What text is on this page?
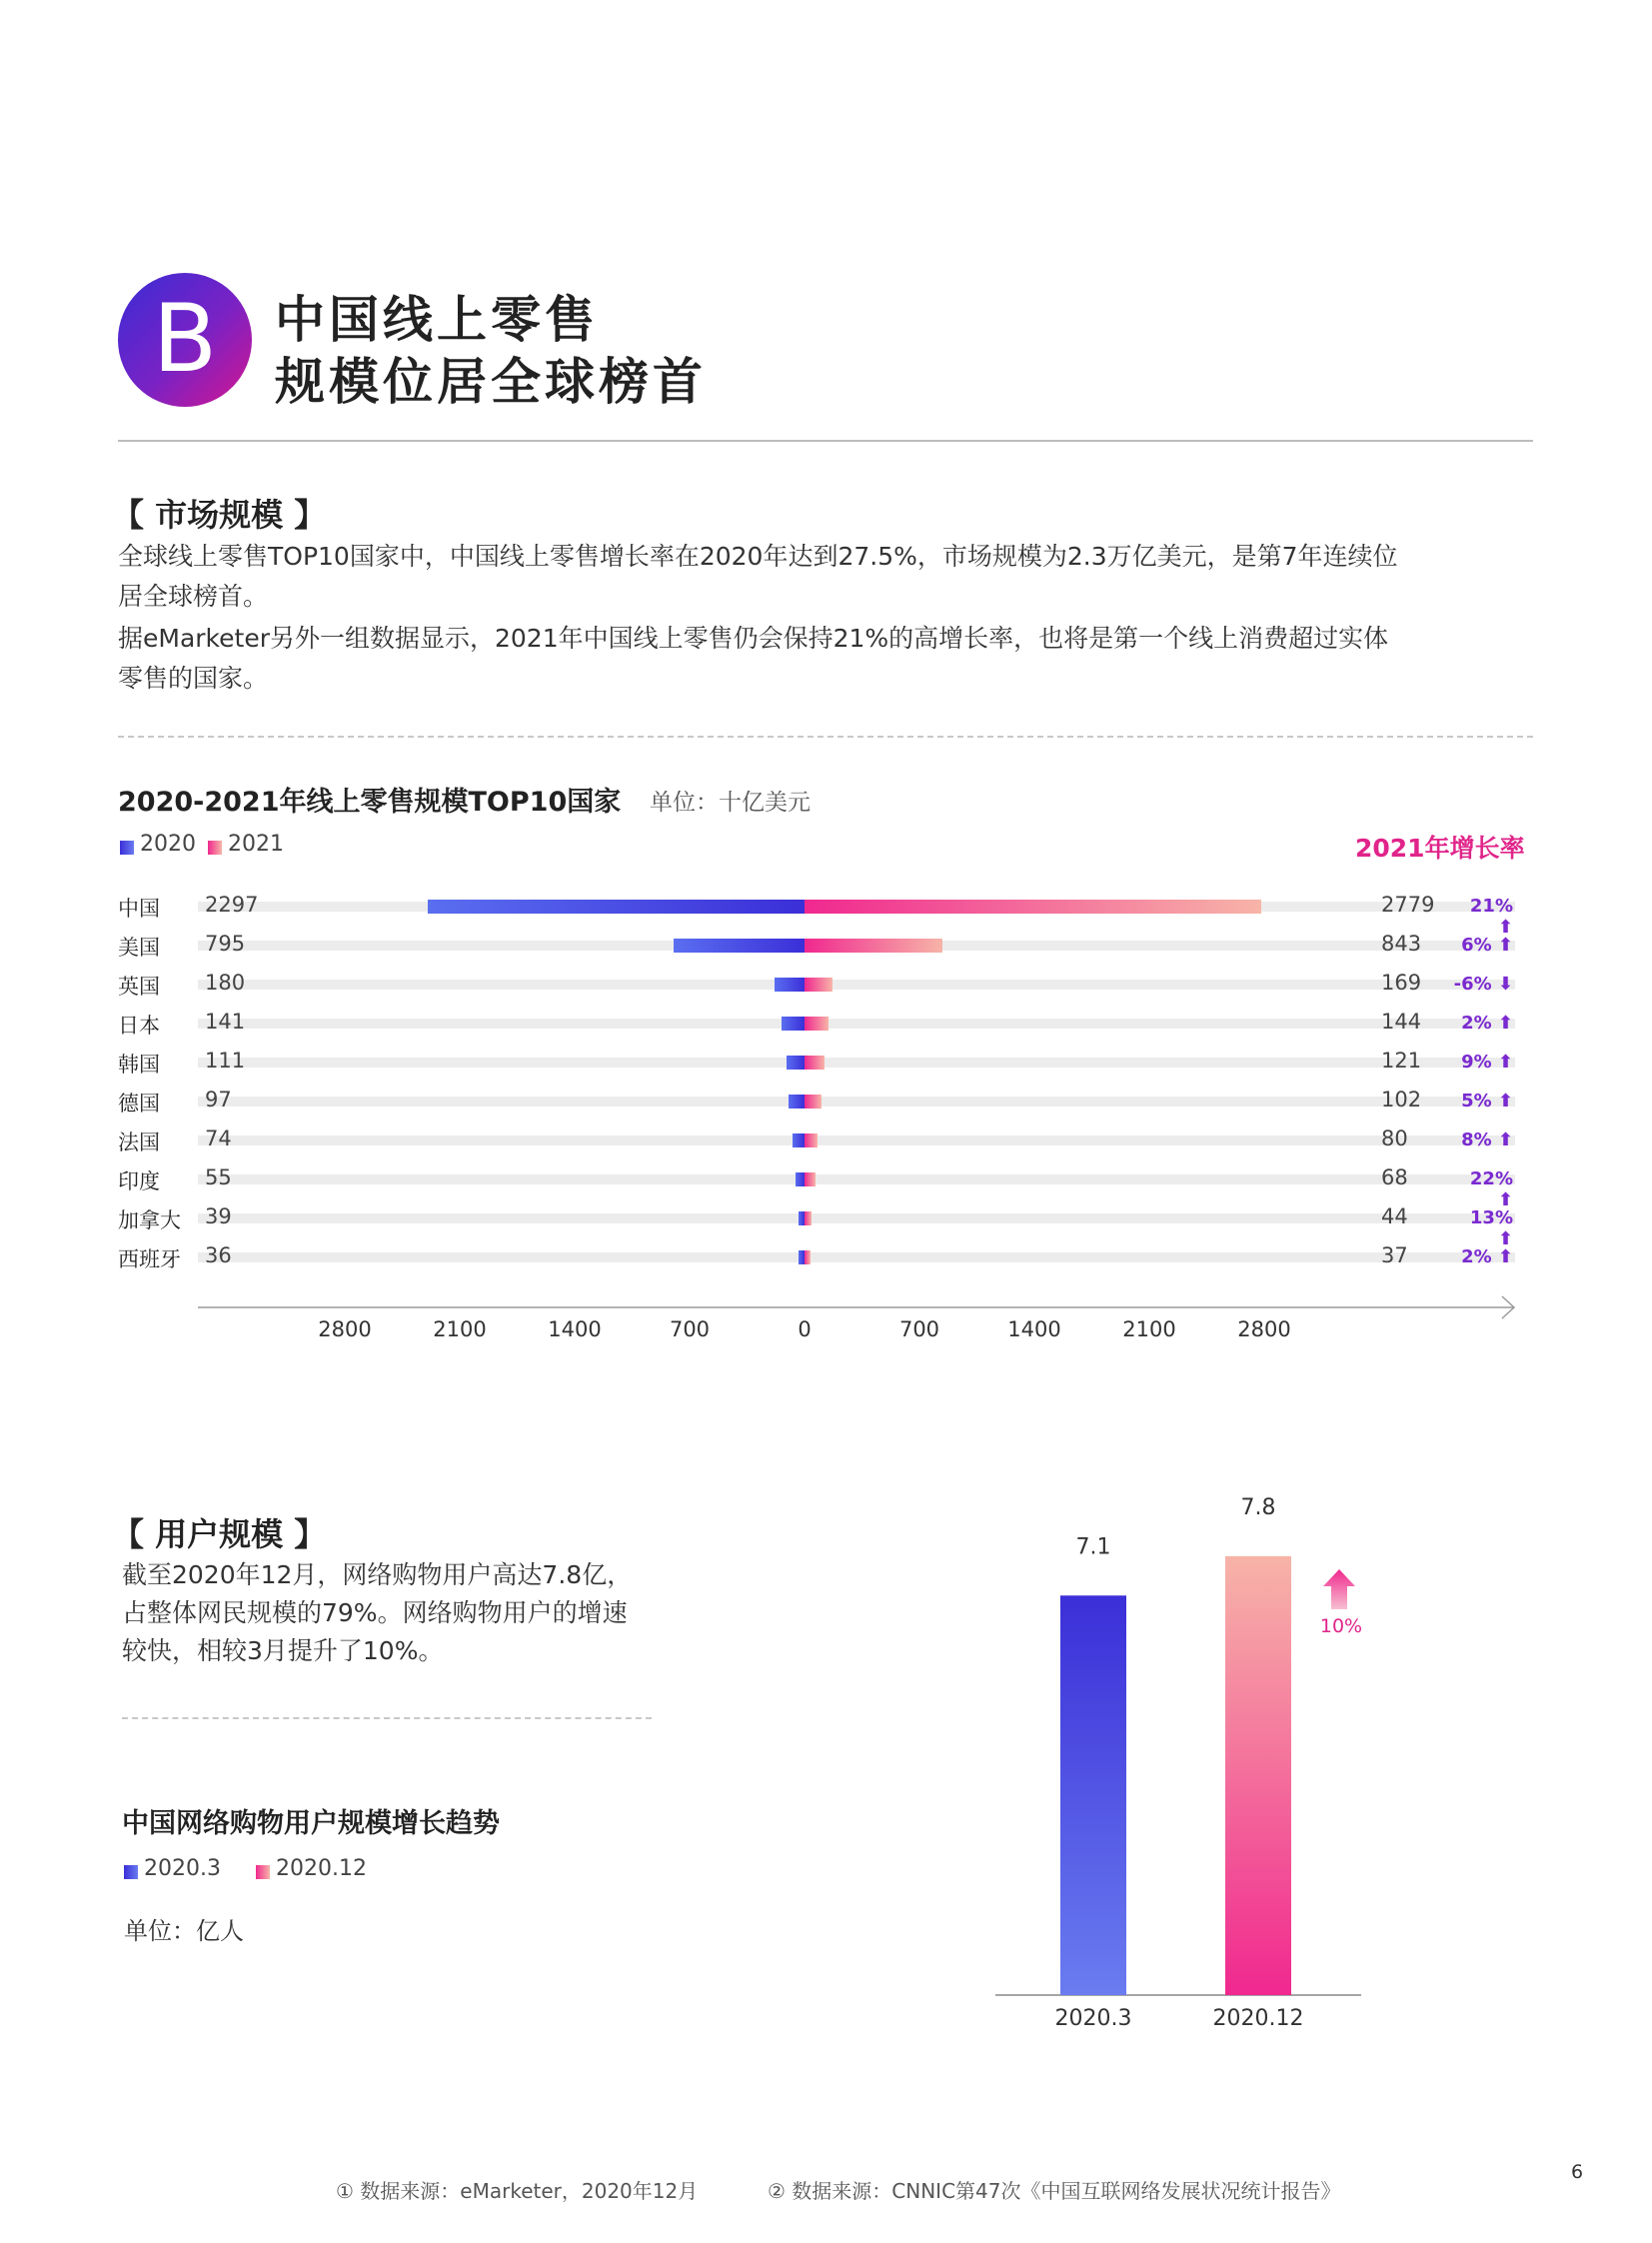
B	中国线上零售
规模位居全球榜首
【 市场规模 】
全球线上零售TOP10国家中，中国线上零售增长率在2020年达到27.5%，市场规模为2.3万亿美元，是第7年连续位
居全球榜首。
据eMarketer另外一组数据显示，2021年中国线上零售仍会保持21%的高增长率，也将是第一个线上消费超过实体
零售的国家。
2020-2021年线上零售规模TOP10国家 单位：十亿美元
2020 2021	2021年增长率
中国 2297	2779	21% ⬆
美国 795	843	6% ⬆
英国 180	169 -6% ⬇
日本 141	144	2% ⬆
韩国 111	121	9% ⬆
德国 97	102	5% ⬆
法国 74	80	8% ⬆
印度 55	68	22% ⬆
加拿大 39	44	13% ⬆
西班牙 36	37	2% ⬆
2800	2100	1400	700	0	700	1400	2100	2800
【 用户规模 】
截至2020年12月，网络购物用户高达7.8亿，
占整体网民规模的79%。网络购物用户的增速
较快，相较3月提升了10%。
中国网络购物用户规模增长趋势
2020.3	2020.12
单位：亿人
10%
7.1
2020.3
7.8
2020.12
① 数据来源：eMarketer，2020年12月	② 数据来源：CNNIC第47次《中国互联网络发展状况统计报告》
6
